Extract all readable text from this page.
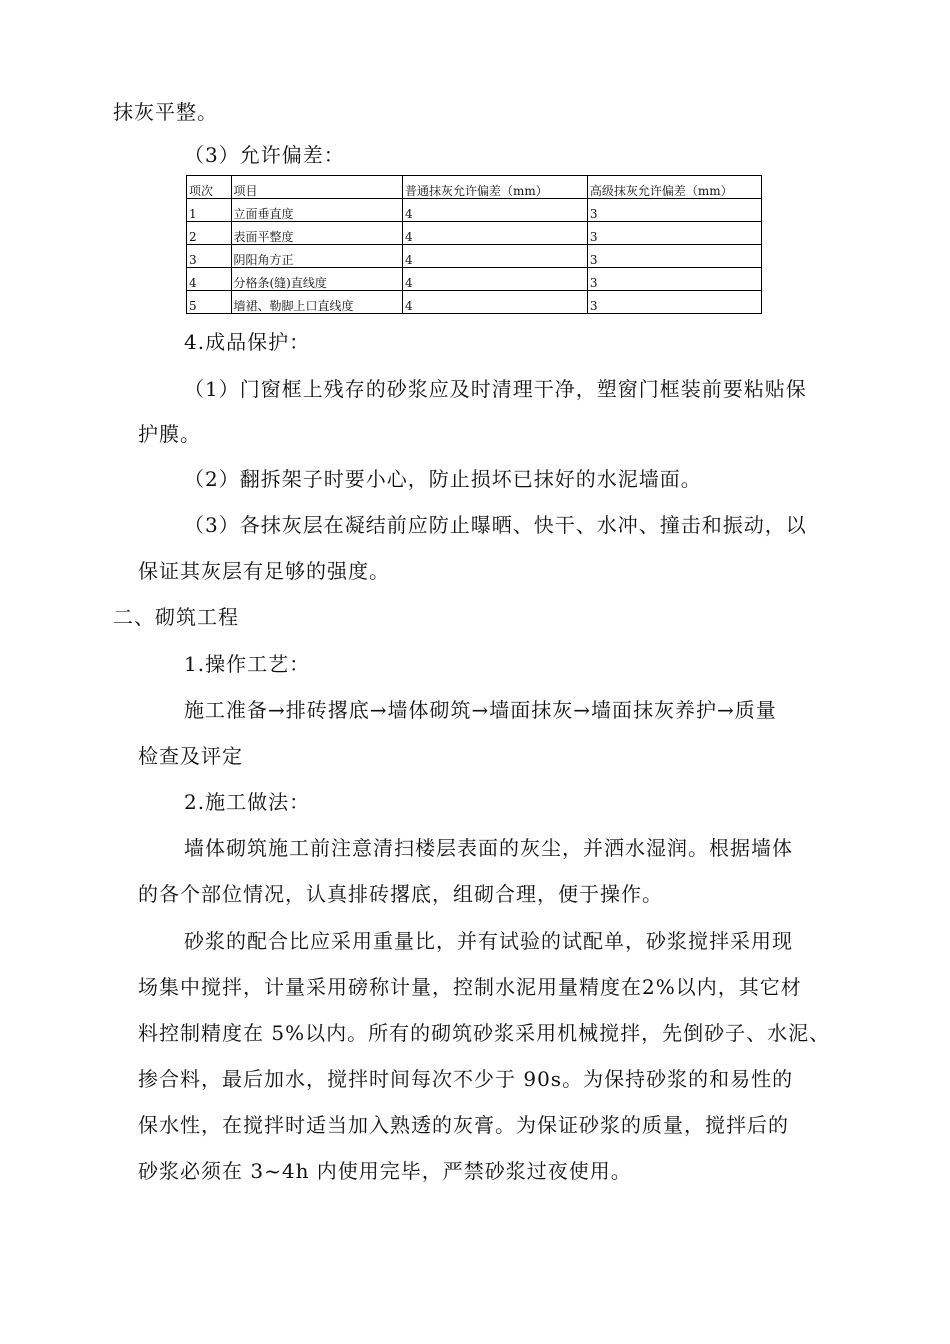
抹灰平整。
（3）允许偏差：
项次	项目	普通抹灰允许偏差（mm）	高级抹灰允许偏差（mm）
1	立面垂直度	4	3
2	表面平整度	4	3
3	阴阳角方正	4	3
4	分格条(缝)直线度	4	3
5	墙裙、勒脚上口直线度	4	3
4.成品保护：
（1）门窗框上残存的砂浆应及时清理干净，塑窗门框装前要粘贴保
护膜。
（2）翻拆架子时要小心，防止损坏已抹好的水泥墙面。
（3）各抹灰层在凝结前应防止曝晒、快干、水冲、撞击和振动，以
保证其灰层有足够的强度。
二、砌筑工程
1.操作工艺：
施工准备→排砖撂底→墙体砌筑→墙面抹灰→墙面抹灰养护→质量
检查及评定
2.施工做法：
墙体砌筑施工前注意清扫楼层表面的灰尘，并洒水湿润。根据墙体
的各个部位情况，认真排砖撂底，组砌合理，便于操作。
砂浆的配合比应采用重量比，并有试验的试配单，砂浆搅拌采用现
场集中搅拌，计量采用磅称计量，控制水泥用量精度在2%以内，其它材
料控制精度在 5%以内。所有的砌筑砂浆采用机械搅拌，先倒砂子、水泥、
掺合料，最后加水，搅拌时间每次不少于 90s。为保持砂浆的和易性的
保水性，在搅拌时适当加入熟透的灰膏。为保证砂浆的质量，搅拌后的
砂浆必须在 3~4h 内使用完毕，严禁砂浆过夜使用。
